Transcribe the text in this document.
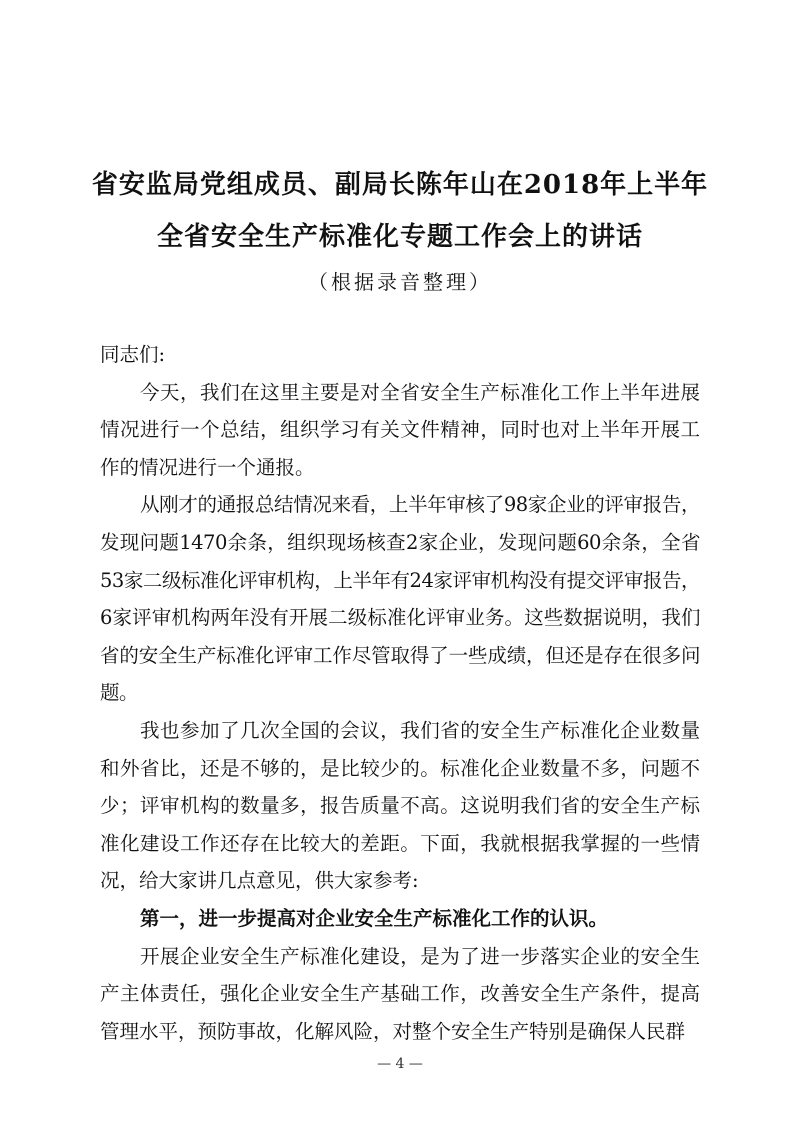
省安监局党组成员、副局长陈年山在2018年上半年
全省安全生产标准化专题工作会上的讲话
（根据录音整理）

同志们:

今天，我们在这里主要是对全省安全生产标准化工作上半年进展情况进行一个总结，组织学习有关文件精神，同时也对上半年开展工作的情况进行一个通报。

从刚才的通报总结情况来看，上半年审核了98家企业的评审报告，发现问题1470余条，组织现场核查2家企业，发现问题60余条，全省53家二级标准化评审机构，上半年有24家评审机构没有提交评审报告，6家评审机构两年没有开展二级标准化评审业务。这些数据说明，我们省的安全生产标准化评审工作尽管取得了一些成绩，但还是存在很多问题。

我也参加了几次全国的会议，我们省的安全生产标准化企业数量和外省比，还是不够的，是比较少的。标准化企业数量不多，问题不少；评审机构的数量多，报告质量不高。这说明我们省的安全生产标准化建设工作还存在比较大的差距。下面，我就根据我掌握的一些情况，给大家讲几点意见，供大家参考:

第一，进一步提高对企业安全生产标准化工作的认识。

开展企业安全生产标准化建设，是为了进一步落实企业的安全生产主体责任，强化企业安全生产基础工作，改善安全生产条件，提高管理水平，预防事故，化解风险，对整个安全生产特别是确保人民群

— 4 —
